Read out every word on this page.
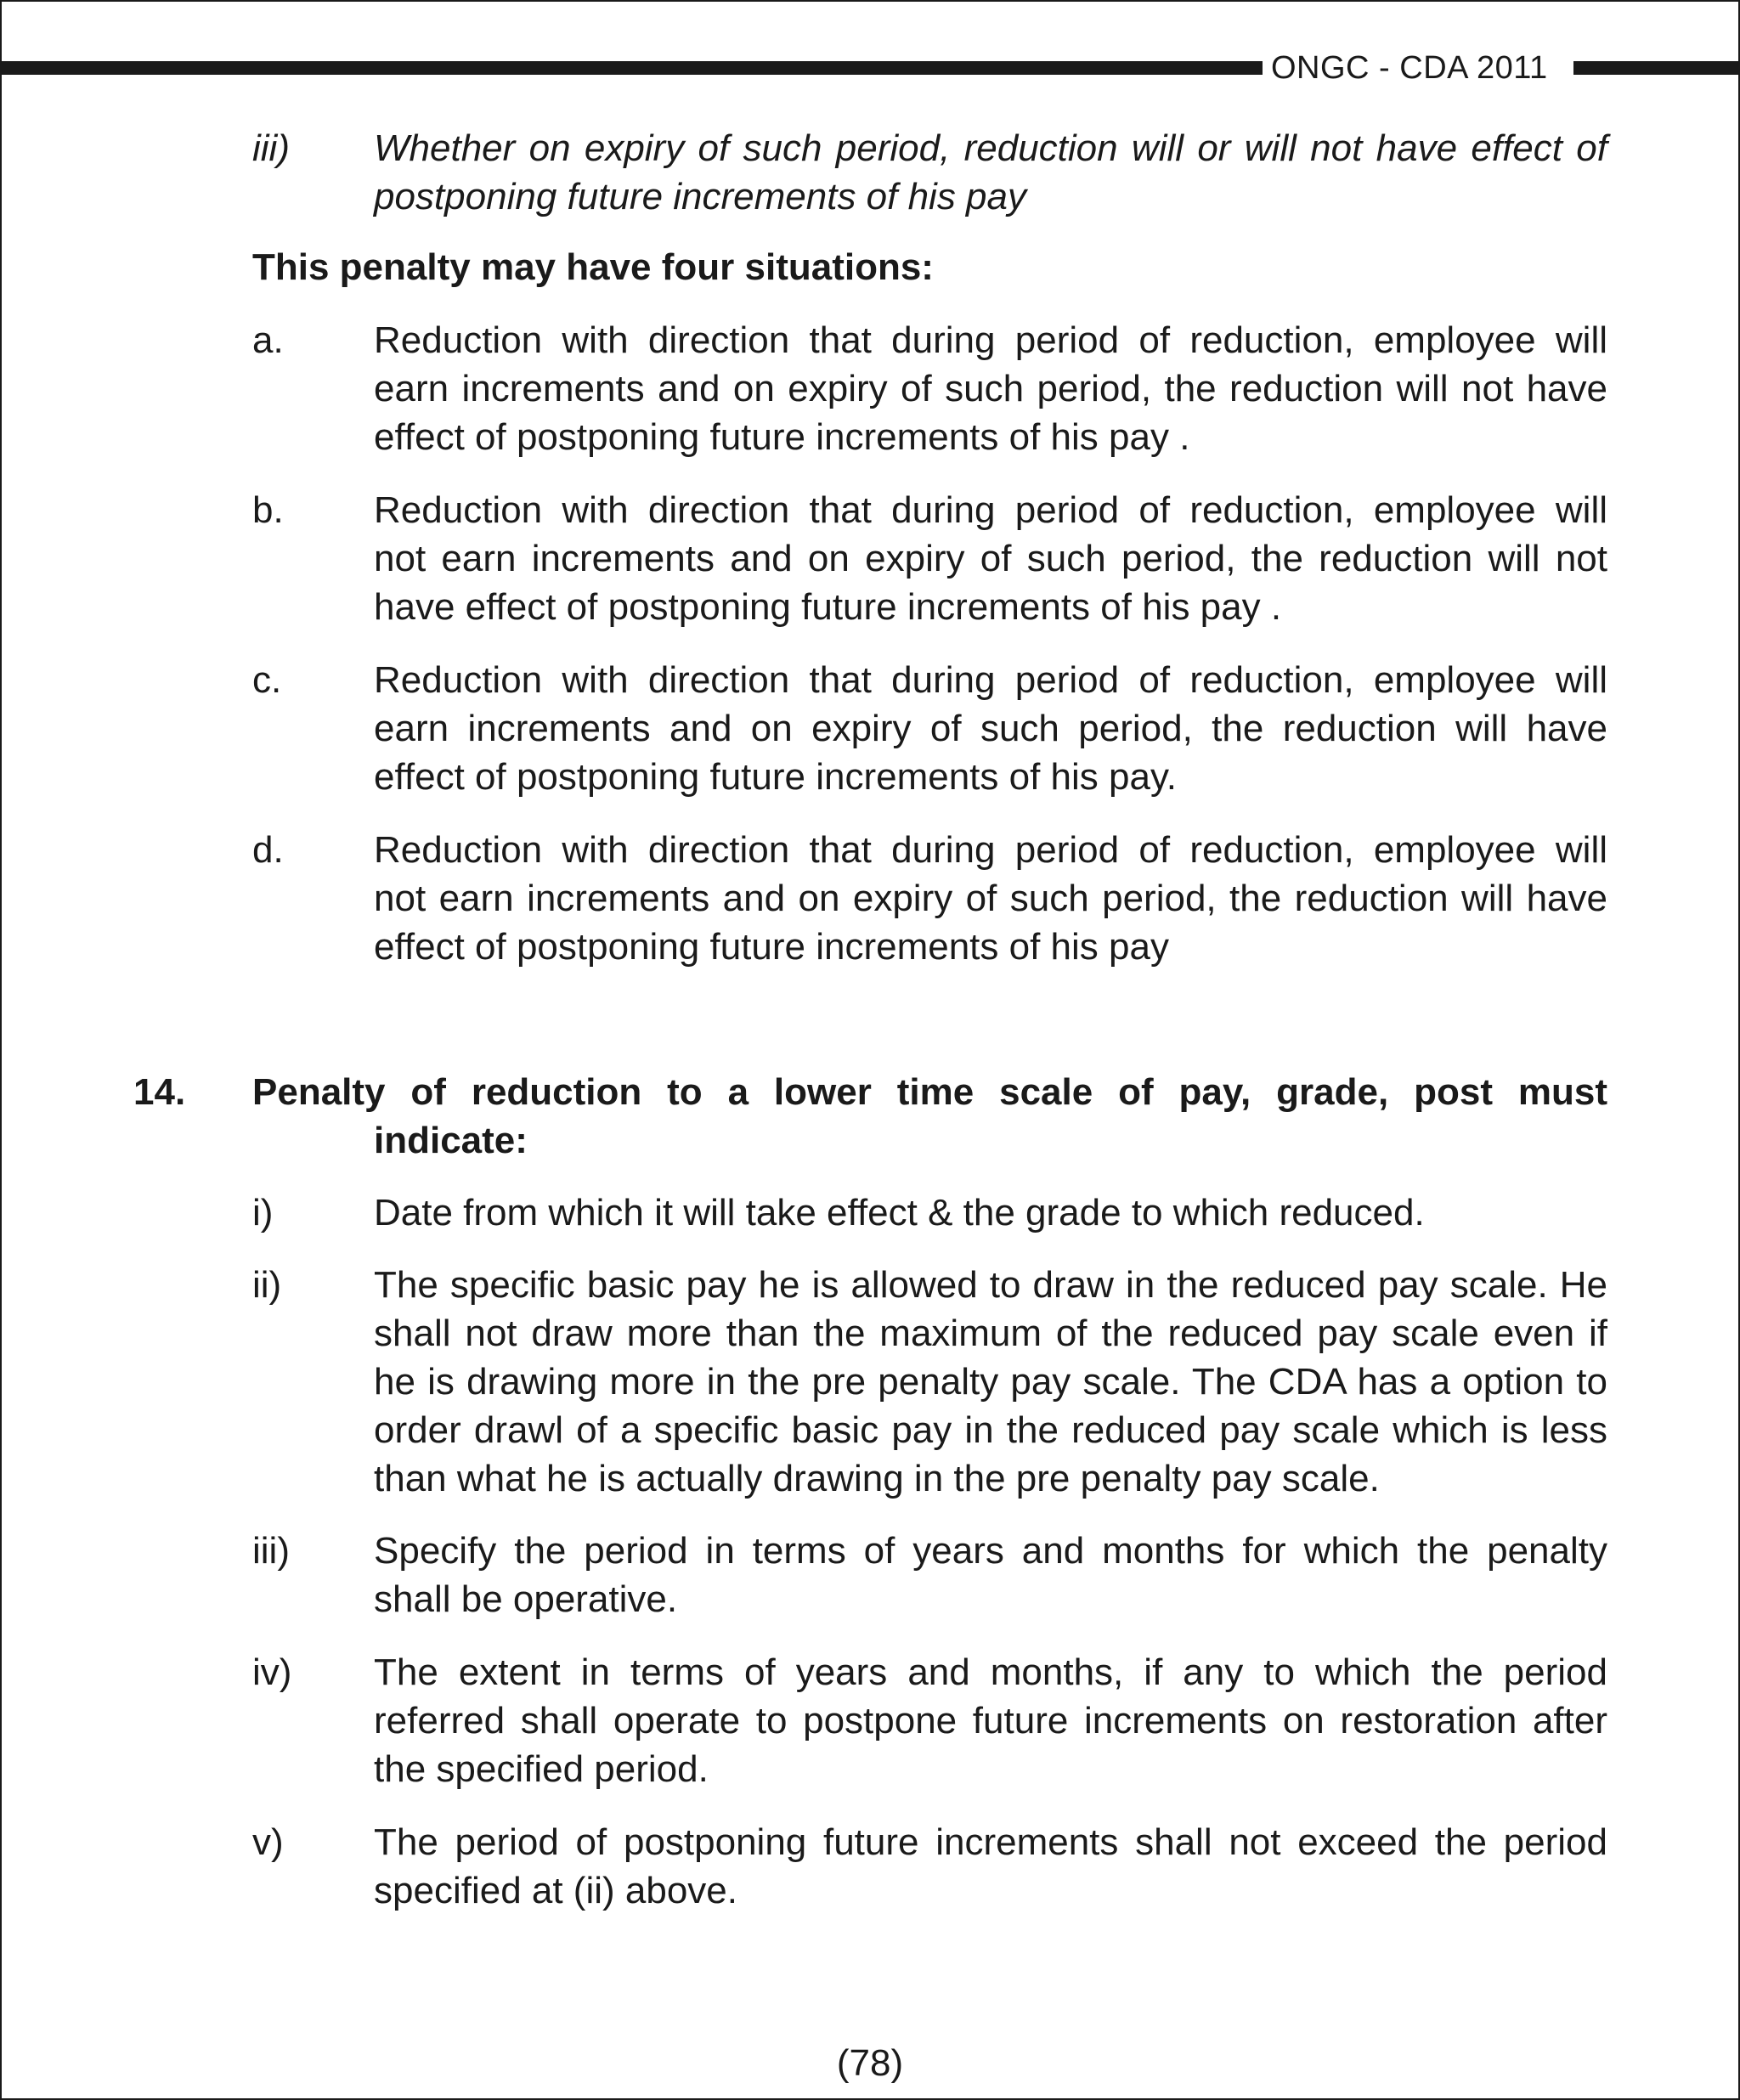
ONGC - CDA 2011
iii) Whether on expiry of such period, reduction will or will not have effect of
postponing future increments of his pay
This penalty may have four situations:
a. Reduction with direction that during period of reduction, employee will
earn increments and on expiry of such period, the reduction will not have
effect of postponing future increments of his pay .
b. Reduction with direction that during period of reduction, employee will
not earn increments and on expiry of such period, the reduction will not
have effect of postponing future increments of his pay .
c. Reduction with direction that during period of reduction, employee will
earn increments and on expiry of such period, the reduction will have
effect of postponing future increments of his pay.
d. Reduction with direction that during period of reduction, employee will
not earn increments and on expiry of such period, the reduction will have
effect of postponing future increments of his pay
14. Penalty of reduction to a lower time scale of pay, grade, post must
indicate:
i)	Date from which it will take effect & the grade to which reduced.
ii) The specific basic pay he is allowed to draw in the reduced pay scale. He
shall not draw more than the maximum of the reduced pay scale even if
he is drawing more in the pre penalty pay scale. The CDA has a option to
order drawl of a specific basic pay in the reduced pay scale which is less
than what he is actually drawing in the pre penalty pay scale.
iii) Specify the period in terms of years and months for which the penalty
shall be operative.
iv) The extent in terms of years and months, if any to which the period
referred shall operate to postpone future increments on restoration after
the specified period.
v) The period of postponing future increments shall not exceed the period
specified at (ii) above.
(78)
